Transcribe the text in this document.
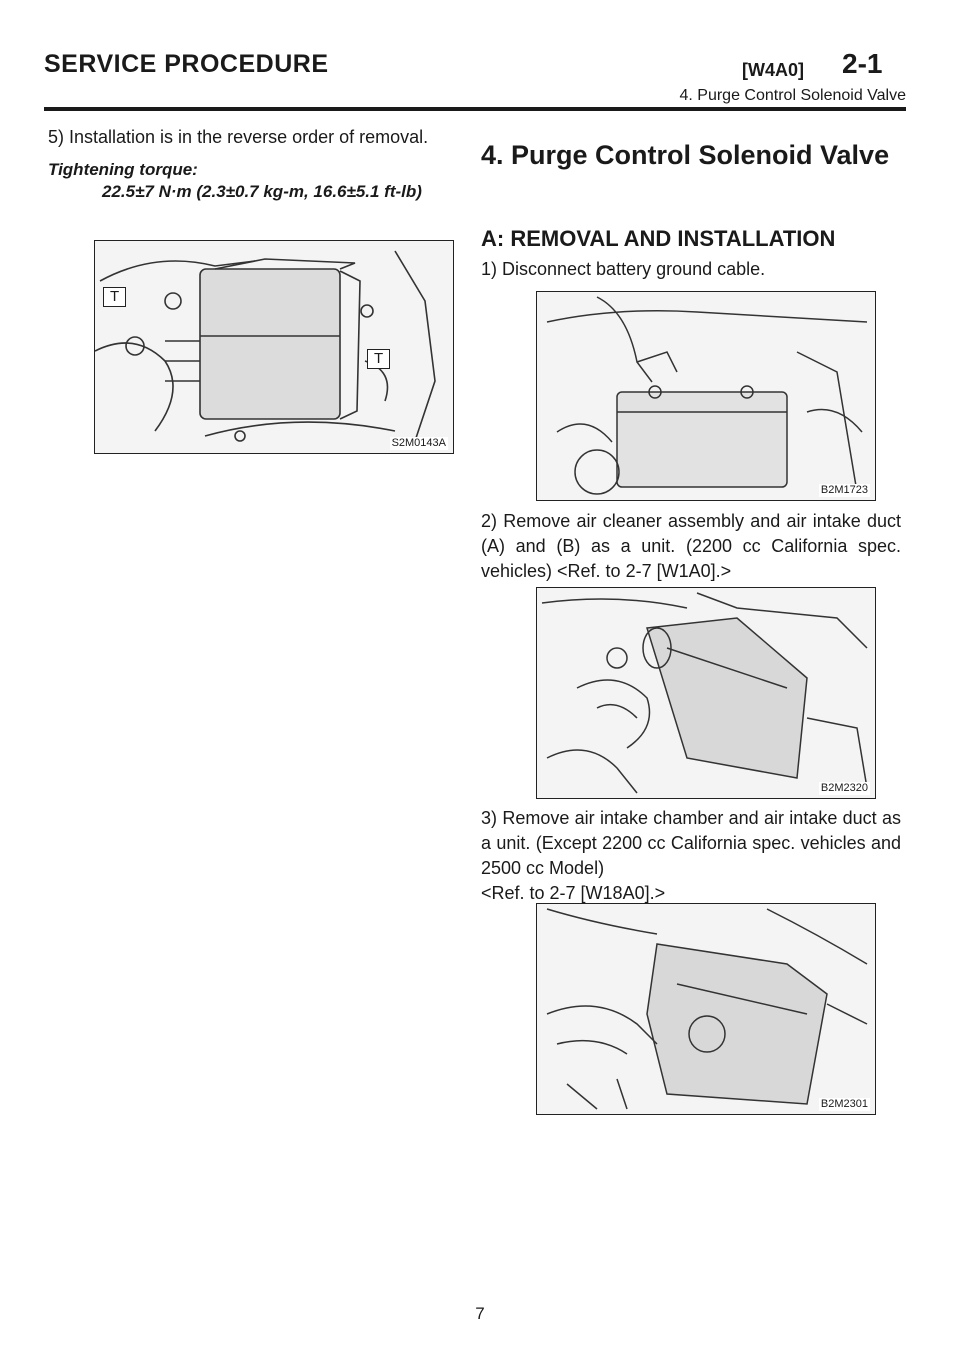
SERVICE PROCEDURE	[W4A0] 2-1
4. Purge Control Solenoid Valve

5) Installation is in the reverse order of removal.

Tightening torque:
22.5±7 N·m (2.3±0.7 kg-m, 16.6±5.1 ft-lb)
T
T
S2M0143A
4. Purge Control Solenoid Valve
A: REMOVAL AND INSTALLATION

1) Disconnect battery ground cable.

B2M1723

2) Remove air cleaner assembly and air intake duct (A) and (B) as a unit. (2200 cc California spec. vehicles) <Ref. to 2-7 [W1A0].>

B2M2320

3) Remove air intake chamber and air intake duct as a unit. (Except 2200 cc California spec. vehicles and 2500 cc Model)

<Ref. to 2-7 [W18A0].>

B2M2301
7
